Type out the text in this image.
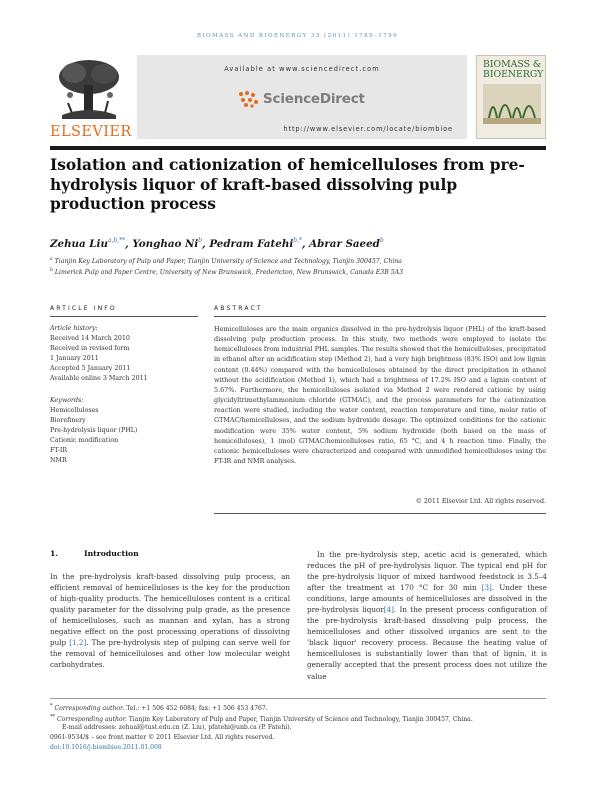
BIOMASS AND BIOENERGY 35 (2011) 1789–1796
ELSEVIER
Available at www.sciencedirect.com
ScienceDirect
http://www.elsevier.com/locate/biombioe
BIOMASS &
BIOENERGY
Isolation and cationization of hemicelluloses from pre-hydrolysis liquor of kraft-based dissolving pulp production process
Zehua Liu$^{a,b,**}$, Yonghao Ni$^b$, Pedram Fatehi$^{b,*}$, Abrar Saeed$^b$
$^a$ Tianjin Key Laboratory of Pulp and Paper, Tianjin University of Science and Technology, Tianjin 300457, China
$^b$ Limerick Pulp and Paper Centre, University of New Brunswick, Fredericton, New Brunswick, Canada E3B 5A3
ARTICLE INFO	ABSTRACT
Article history:
Received 14 March 2010
Received in revised form
1 January 2011
Accepted 5 January 2011
Available online 3 March 2011
Keywords:
Hemicelluloses
Biorefinery
Pre-hydrolysis liquor (PHL)
Cationic modification
FT-IR
NMR

Hemicelluloses are the main organics dissolved in the pre-hydrolysis liquor (PHL) of the kraft-based dissolving pulp production process. In this study, two methods were employed to isolate the hemicelluloses from industrial PHL samples. The results showed that the hemicelluloses, precipitated in ethanol after an acidification step (Method 2), had a very high brightness (83% ISO) and low lignin content (0.44%) compared with the hemicelluloses obtained by the direct precipitation in ethanol without the acidification (Method 1), which had a brightness of 17.2% ISO and a lignin content of 5.67%. Furthermore, the hemicelluloses isolated via Method 2 were rendered cationic by using glycidyltrimethylammonium chloride (GTMAC), and the process parameters for the cationization reaction were studied, including the water content, reaction temperature and time, molar ratio of GTMAC/hemicelluloses, and the sodium hydroxide dosage. The optimized conditions for the cationic modification were 35% water content, 5% sodium hydroxide (both based on the mass of hemicelluloses), 1 (mol) GTMAC/hemicelluloses ratio, 65 °C, and 4 h reaction time. Finally, the cationic hemicelluloses were characterized and compared with unmodified hemicelluloses using the FT-IR and NMR analyses.

© 2011 Elsevier Ltd. All rights reserved.
1.	Introduction

In the pre-hydrolysis kraft-based dissolving pulp process, an efficient removal of hemicelluloses is the key for the production of high-quality products. The hemicelluloses content is a critical quality parameter for the dissolving pulp grade, as the presence of hemicelluloses, such as mannan and xylan, has a strong negative effect on the post processing operations of dissolving pulp [1,2]. The pre-hydrolysis step of pulping can serve well for the removal of hemicelluloses and other low molecular weight carbohydrates.

In the pre-hydrolysis step, acetic acid is generated, which reduces the pH of pre-hydrolysis liquor. The typical end pH for the pre-hydrolysis liquor of mixed hardwood feedstock is 3.5–4 after the treatment at 170 °C for 30 min [3]. Under these conditions, large amounts of hemicelluloses are dissolved in the pre-hydrolysis liquor[4]. In the present process configuration of the pre-hydrolysis kraft-based dissolving pulp process, the hemicelluloses and other dissolved organics are sent to the 'black liquor' recovery process. Because the heating value of hemicelluloses is substantially lower than that of lignin, it is generally accepted that the present process does not utilize the value

* Corresponding author. Tel.: +1 506 452 6084; fax: +1 506 453 4767.
** Corresponding author. Tianjin Key Laboratory of Pulp and Paper, Tianjin University of Science and Technology, Tianjin 300457, China.
E-mail addresses: zehual@tust.edu.cn (Z. Liu), pfatehi@unb.ca (P. Fatehi).
0961-9534/$ – see front matter © 2011 Elsevier Ltd. All rights reserved.
doi:10.1016/j.biombioe.2011.01.008
